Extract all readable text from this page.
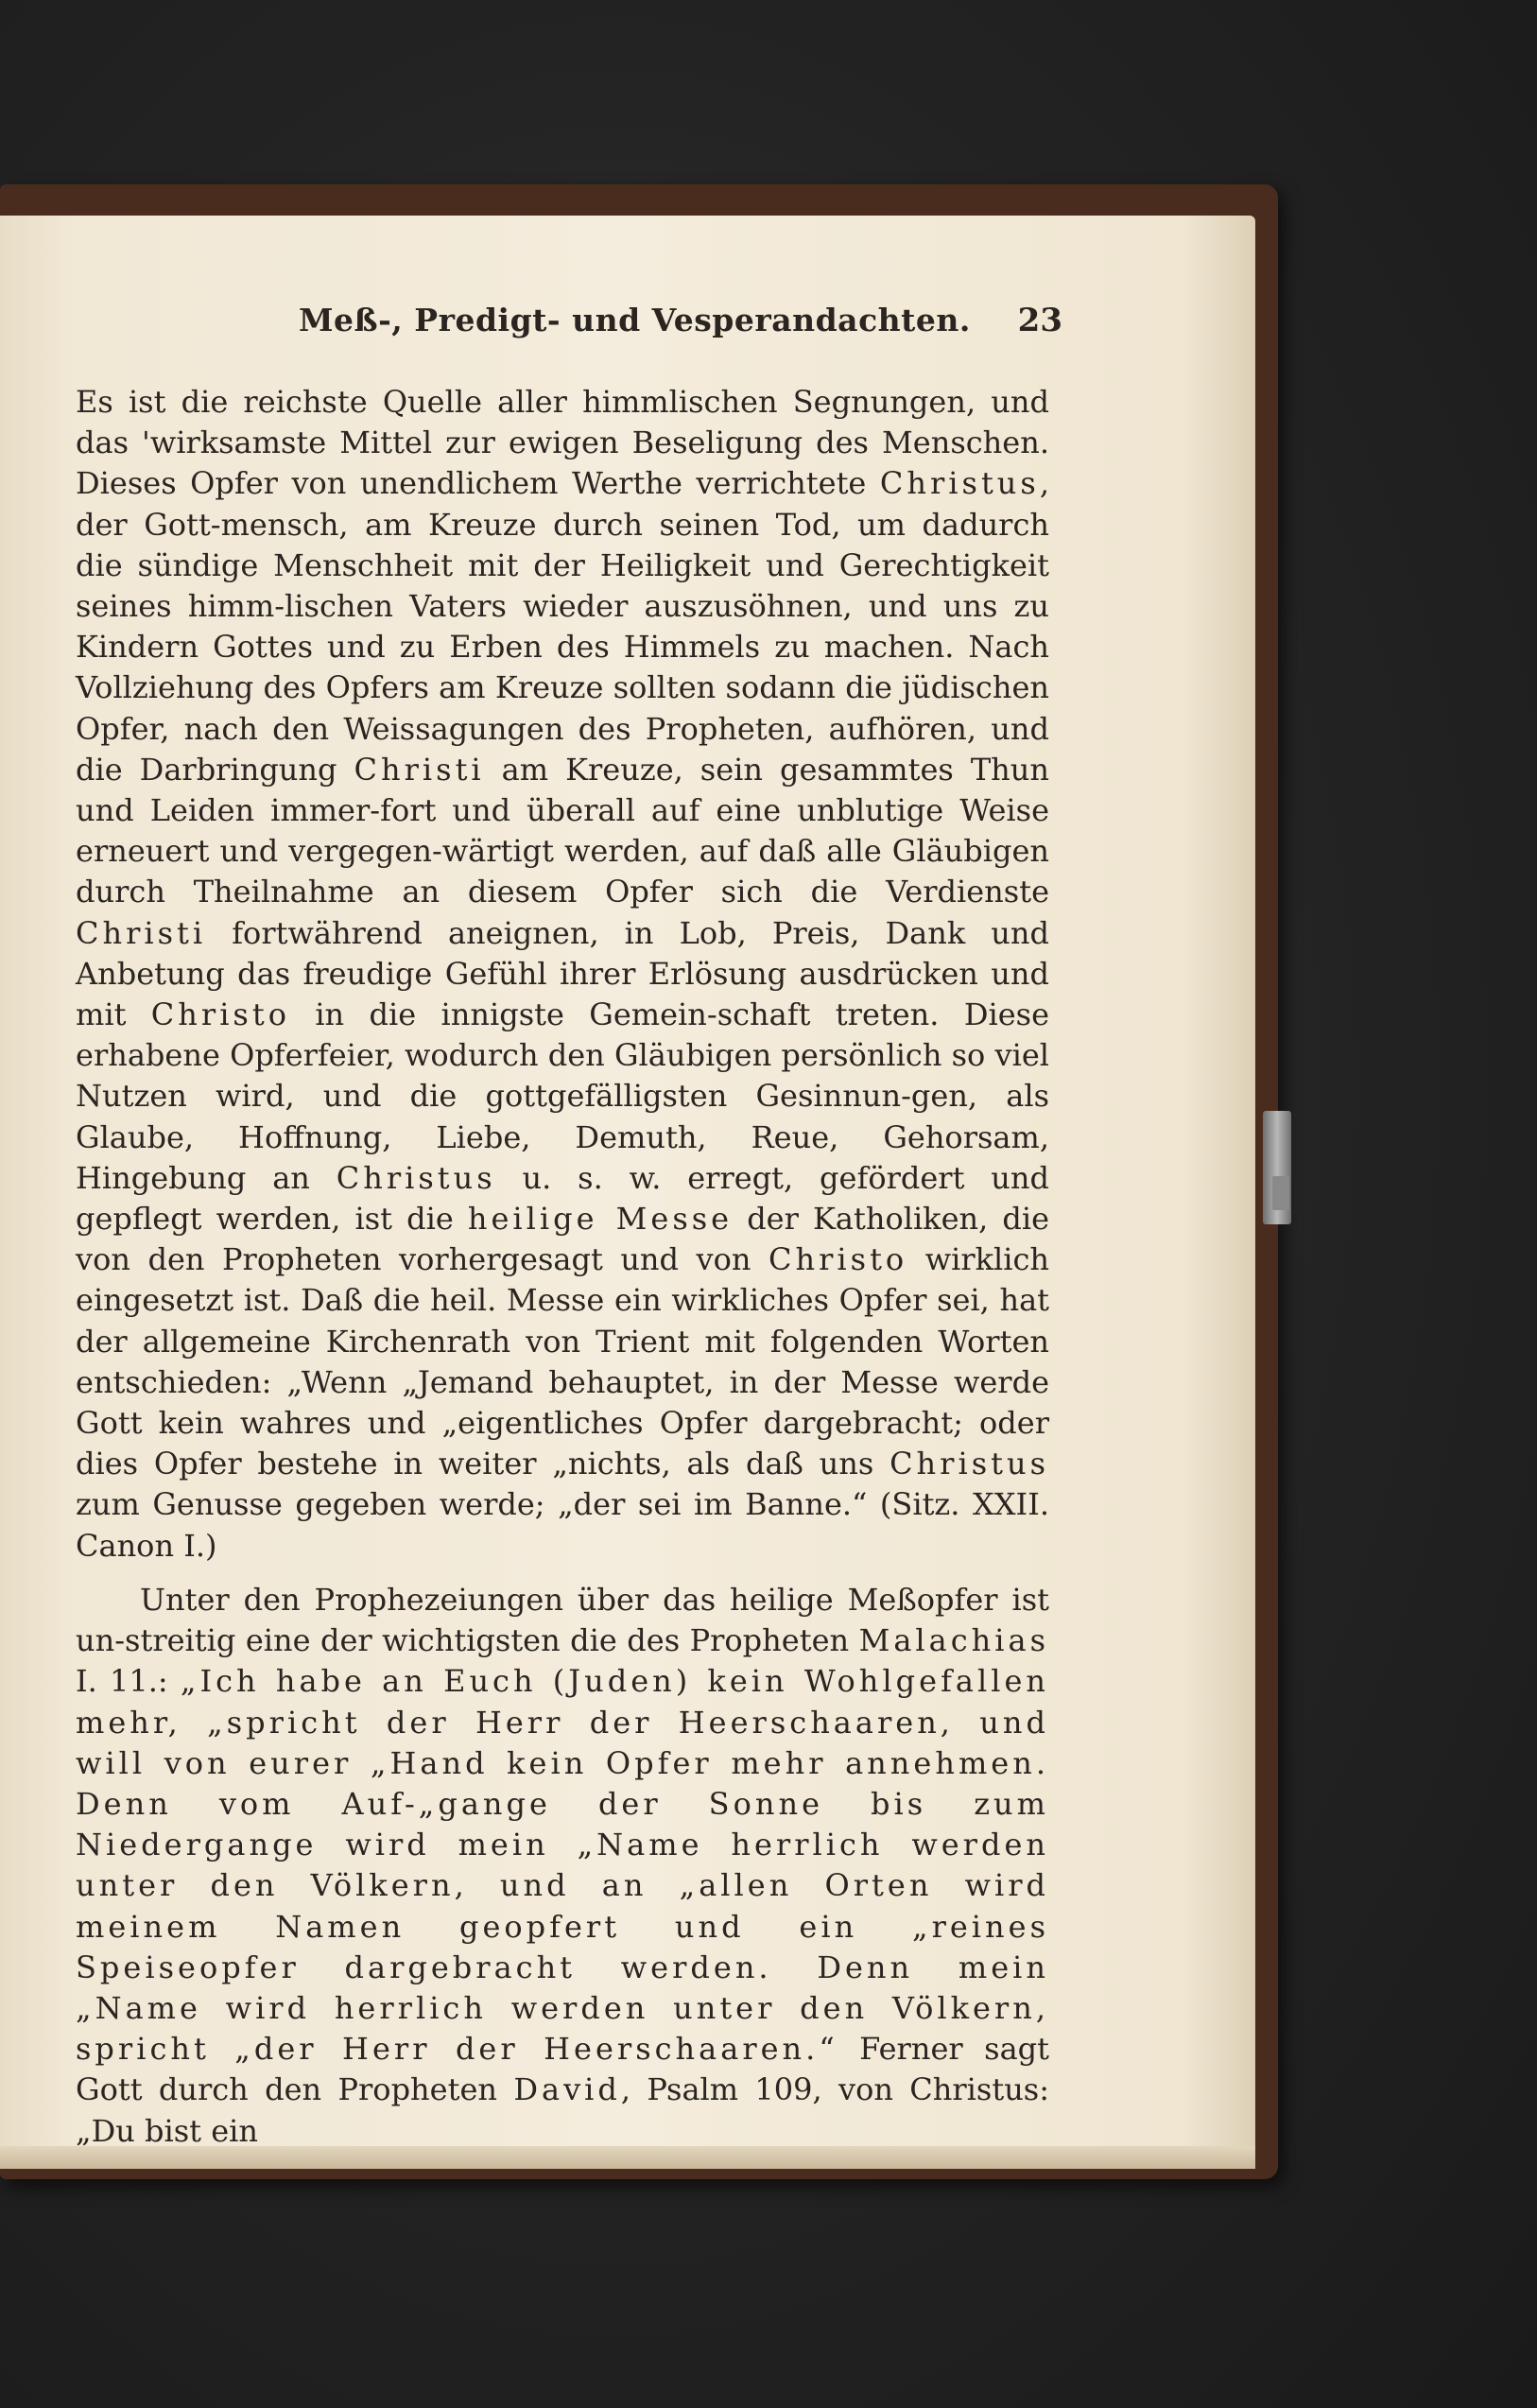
Meß-, Predigt- und Vesperandachten. 23

Es ist die reichste Quelle aller himmlischen Segnungen, und das 'wirksamste Mittel zur ewigen Beseligung des Menschen. Dieses Opfer von unendlichem Werthe verrichtete Christus, der Gott-mensch, am Kreuze durch seinen Tod, um dadurch die sündige Menschheit mit der Heiligkeit und Gerechtigkeit seines himm-lischen Vaters wieder auszusöhnen, und uns zu Kindern Gottes und zu Erben des Himmels zu machen. Nach Vollziehung des Opfers am Kreuze sollten sodann die jüdischen Opfer, nach den Weissagungen des Propheten, aufhören, und die Darbringung Christi am Kreuze, sein gesammtes Thun und Leiden immer-fort und überall auf eine unblutige Weise erneuert und vergegen-wärtigt werden, auf daß alle Gläubigen durch Theilnahme an diesem Opfer sich die Verdienste Christi fortwährend aneignen, in Lob, Preis, Dank und Anbetung das freudige Gefühl ihrer Erlösung ausdrücken und mit Christo in die innigste Gemein-schaft treten. Diese erhabene Opferfeier, wodurch den Gläubigen persönlich so viel Nutzen wird, und die gottgefälligsten Gesinnun-gen, als Glaube, Hoffnung, Liebe, Demuth, Reue, Gehorsam, Hingebung an Christus u. s. w. erregt, gefördert und gepflegt werden, ist die heilige Messe der Katholiken, die von den Propheten vorhergesagt und von Christo wirklich eingesetzt ist. Daß die heil. Messe ein wirkliches Opfer sei, hat der allgemeine Kirchenrath von Trient mit folgenden Worten entschieden: „Wenn „Jemand behauptet, in der Messe werde Gott kein wahres und „eigentliches Opfer dargebracht; oder dies Opfer bestehe in weiter „nichts, als daß uns Christus zum Genusse gegeben werde; „der sei im Banne.“ (Sitz. XXII. Canon I.)

Unter den Prophezeiungen über das heilige Meßopfer ist un-streitig eine der wichtigsten die des Propheten Malachias I. 11.: „Ich habe an Euch (Juden) kein Wohlgefallen mehr, „spricht der Herr der Heerschaaren, und will von eurer „Hand kein Opfer mehr annehmen. Denn vom Auf-„gange der Sonne bis zum Niedergange wird mein „Name herrlich werden unter den Völkern, und an „allen Orten wird meinem Namen geopfert und ein „reines Speiseopfer dargebracht werden. Denn mein „Name wird herrlich werden unter den Völkern, spricht „der Herr der Heerschaaren.“ Ferner sagt Gott durch den Propheten David, Psalm 109, von Christus: „Du bist ein
